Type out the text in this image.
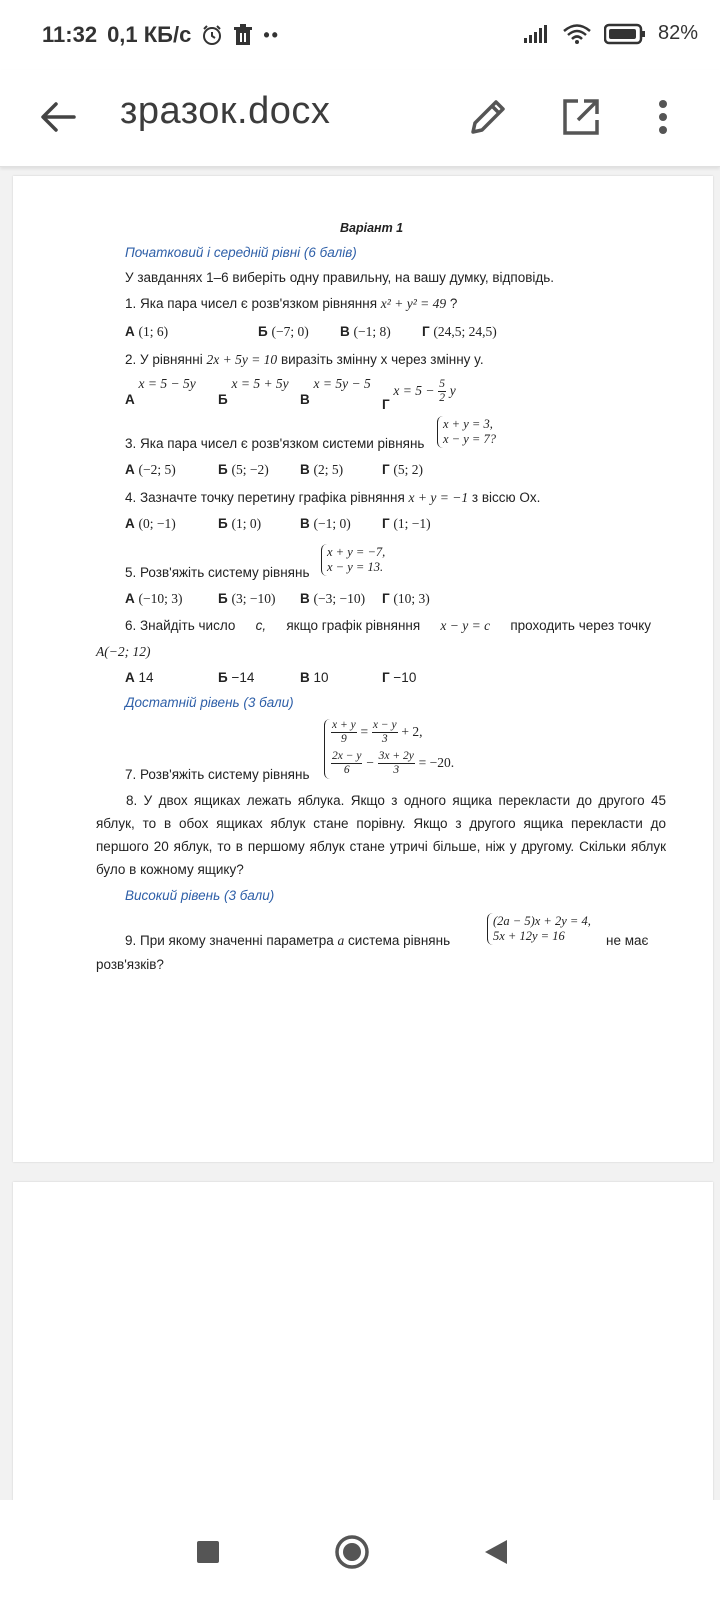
11:32 0,1 КБ/с	••	82%
зразок.docx
Варіант 1
Початковий і середній рівні (6 балів)
У завданнях 1–6 виберіть одну правильну, на вашу думку, відповідь.
1. Яка пара чисел є розв'язком рівняння x² + y² = 49 ?
А (1; 6)	Б (−7; 0) В (−1; 8) Г (24,5; 24,5)
2. У рівнянні 2x + 5y = 10 виразіть змінну x через змінну y.
А x = 5 − 5y
Б x = 5 + 5y
В x = 5y − 5
Г $x = 5 - \frac{5}{2}$ y
3. Яка пара чисел є розв'язком системи рівнянь
x + y = 3,
x − y = 7?
А (−2; 5)	Б (5; −2) В (2; 5)	Г (5; 2)
4. Зазначте точку перетину графіка рівняння x + y = −1 з віссю Ox.
А (0; −1)	Б (1; 0)	В (−1; 0) Г (1; −1)
5. Розв'яжіть систему рівнянь
x + y = −7,
x − y = 13.
А (−10; 3)	Б (3; −10) В (−3; −10) Г (10; 3)
6. Знайдіть число c, якщо графік рівняння x − y = c проходить через точку
A(−2; 12)
А 14	Б −14	В 10	Г −10
Достатній рівень (3 бали)
7. Розв'яжіть систему рівнянь
$\frac{x + y}{9} = \frac{x - y}{3} + 2$,
$\frac{2x - y}{6} - \frac{3x + 2y}{3} = -20$.
8. У двох ящиках лежать яблука. Якщо з одного ящика перекласти до другого 45 яблук, то в обох ящиках яблук стане порівну. Якщо з другого ящика перекласти до першого 20 яблук, то в першому яблук стане утричі більше, ніж у другому. Скільки яблук було в кожному ящику?
Високий рівень (3 бали)
9. При якому значенні параметра a система рівнянь
(2a − 5)x + 2y = 4,
5x + 12y = 16	не має
розв'язків?
